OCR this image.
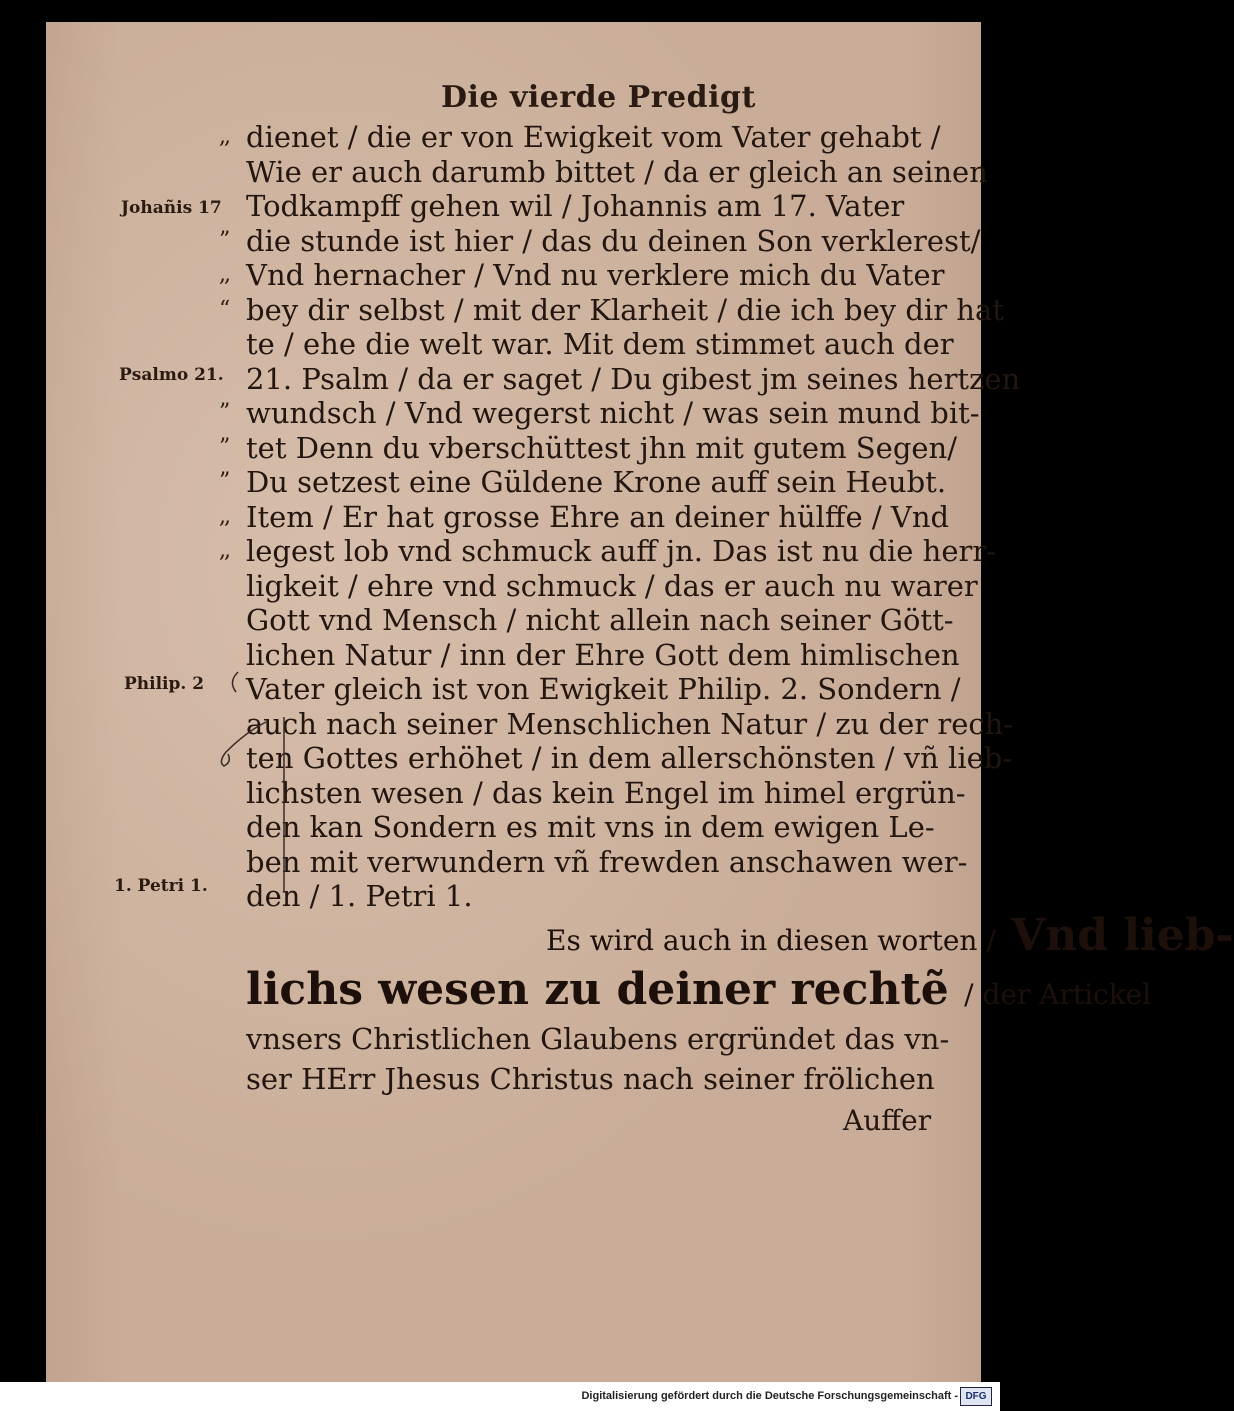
Die vierde Predigt
dienet / die er von Ewigkeit vom Vater gehabt /
Wie er auch darumb bittet / da er gleich an seinen
Todkampff gehen wil / Johannis am 17. Vater
die stunde ist hier / das du deinen Son verklerest/
Vnd hernacher / Vnd nu verklere mich du Vater
bey dir selbst / mit der Klarheit / die ich bey dir hat
te / ehe die welt war. Mit dem stimmet auch der
21. Psalm / da er saget / Du gibest jm seines hertzen
wundsch / Vnd wegerst nicht / was sein mund bit-
tet Denn du vberschüttest jhn mit gutem Segen/
Du setzest eine Güldene Krone auff sein Heubt.
Item / Er hat grosse Ehre an deiner hülffe / Vnd
legest lob vnd schmuck auff jn. Das ist nu die herr-
ligkeit / ehre vnd schmuck / das er auch nu warer
Gott vnd Mensch / nicht allein nach seiner Gött-
lichen Natur / inn der Ehre Gott dem himlischen
Vater gleich ist von Ewigkeit Philip. 2. Sondern /
auch nach seiner Menschlichen Natur / zu der rech-
ten Gottes erhöhet / in dem allerschönsten / vñ lieb-
lichsten wesen / das kein Engel im himel ergrün-
den kan Sondern es mit vns in dem ewigen Le-
ben mit verwundern vñ frewden anschawen wer-
den / 1. Petri 1.
Johañis 17
Psalmo 21.
Philip. 2
1. Petri 1.
,,
”
,,
“
”
”
”
,,
,,
Es wird auch in diesen worten / Vnd lieb-
lichs wesen zu deiner rechtẽ / der Artickel
vnsers Christlichen Glaubens ergründet das vn-
ser HErr Jhesus Christus nach seiner frölichen
Auffer
Digitalisierung gefördert durch die Deutsche Forschungsgemeinschaft - DFG
